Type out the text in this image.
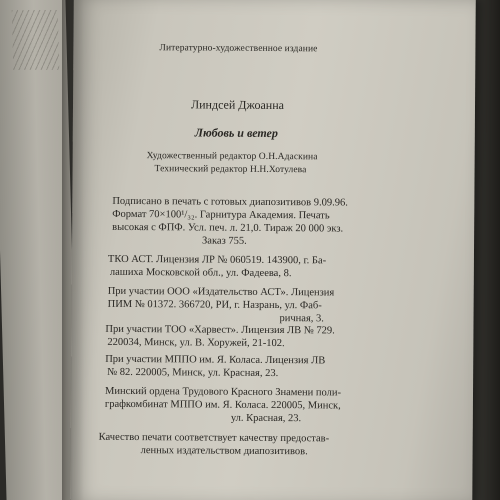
Литературно-художественное издание
Линдсей Джоанна
Любовь и ветер
Художественный редактор О.Н.Адаскина
Технический редактор Н.Н.Хотулева
Подписано в печать с готовых диапозитивов 9.09.96.
Формат 70×100¹/₃₂. Гарнитура Академия. Печать
высокая с ФПФ. Усл. печ. л. 21,0. Тираж 20 000 экз.
Заказ 755.
ТКО АСТ. Лицензия ЛР № 060519. 143900, г. Ба-
лашиха Московской обл., ул. Фадеева, 8.
При участии ООО «Издательство АСТ». Лицензия
ПИМ № 01372. 366720, РИ, г. Назрань, ул. Фаб-
ричная, 3.
При участии ТОО «Харвест». Лицензия ЛВ № 729.
220034, Минск, ул. В. Хоружей, 21-102.
При участии МППО им. Я. Коласа. Лицензия ЛВ
№ 82. 220005, Минск, ул. Красная, 23.
Минский ордена Трудового Красного Знамени поли-
графкомбинат МППО им. Я. Коласа. 220005, Минск,
ул. Красная, 23.
Качество печати соответствует качеству предостав-
ленных издательством диапозитивов.
